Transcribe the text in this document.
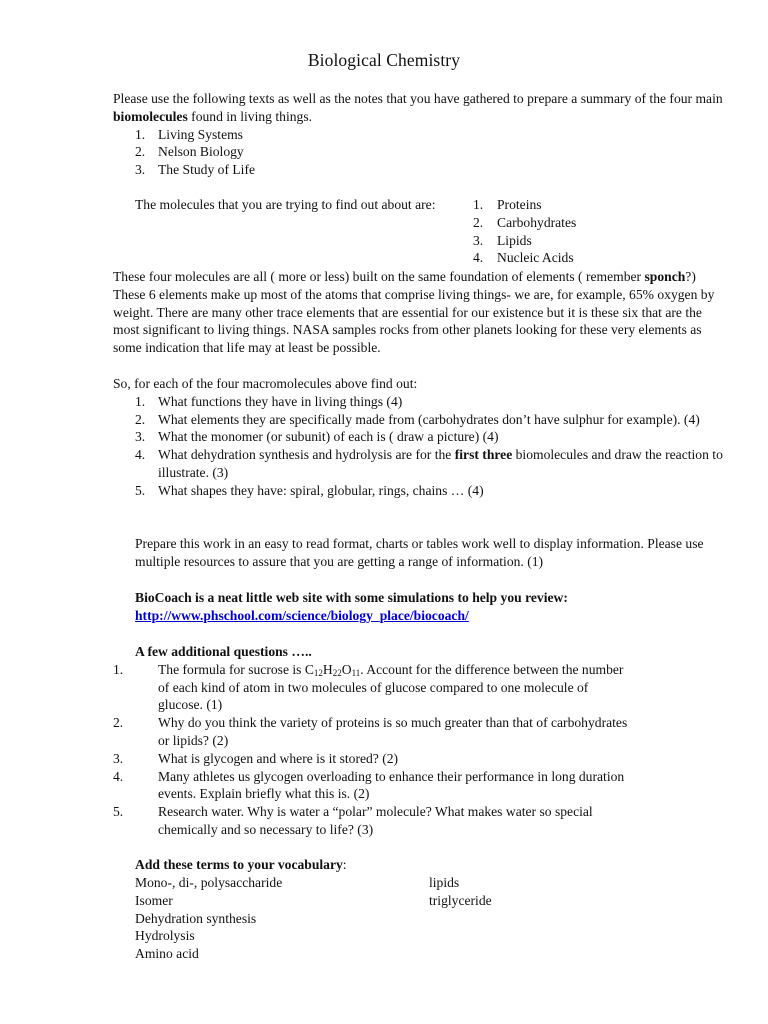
Biological Chemistry

Please use the following texts as well as the notes that you have gathered to prepare a summary of the four main biomolecules found in living things.

1. Living Systems
2. Nelson Biology
3. The Study of Life
The molecules that you are trying to find out about are:	1. Proteins
2. Carbohydrates
3. Lipids
4. Nucleic Acids

These four molecules are all ( more or less) built on the same foundation of elements ( remember sponch?) These 6 elements make up most of the atoms that comprise living things- we are, for example, 65% oxygen by weight. There are many other trace elements that are essential for our existence but it is these six that are the most significant to living things. NASA samples rocks from other planets looking for these very elements as some indication that life may at least be possible.

So, for each of the four macromolecules above find out:

1. What functions they have in living things (4)
2. What elements they are specifically made from (carbohydrates don’t have sulphur for example). (4)
3. What the monomer (or subunit) of each is ( draw a picture) (4)
4. What dehydration synthesis and hydrolysis are for the first three biomolecules and draw the reaction to illustrate. (3)
5. What shapes they have: spiral, globular, rings, chains … (4)

Prepare this work in an easy to read format, charts or tables work well to display information. Please use multiple resources to assure that you are getting a range of information. (1)

BioCoach is a neat little web site with some simulations to help you review:

http://www.phschool.com/science/biology_place/biocoach/

A few additional questions …..

1.	The formula for sucrose is $C_{12}H_{22}O_{11}$. Account for the difference between the number of each kind of atom in two molecules of glucose compared to one molecule of glucose. (1)
2.	Why do you think the variety of proteins is so much greater than that of carbohydrates or lipids? (2)
3.	What is glycogen and where is it stored? (2)
4.	Many athletes us glycogen overloading to enhance their performance in long duration events. Explain briefly what this is. (2)
5.	Research water. Why is water a “polar” molecule? What makes water so special chemically and so necessary to life? (3)

Add these terms to your vocabulary:

Mono-, di-, polysaccharide
Isomer
Dehydration synthesis
Hydrolysis
Amino acid
lipids
triglyceride
